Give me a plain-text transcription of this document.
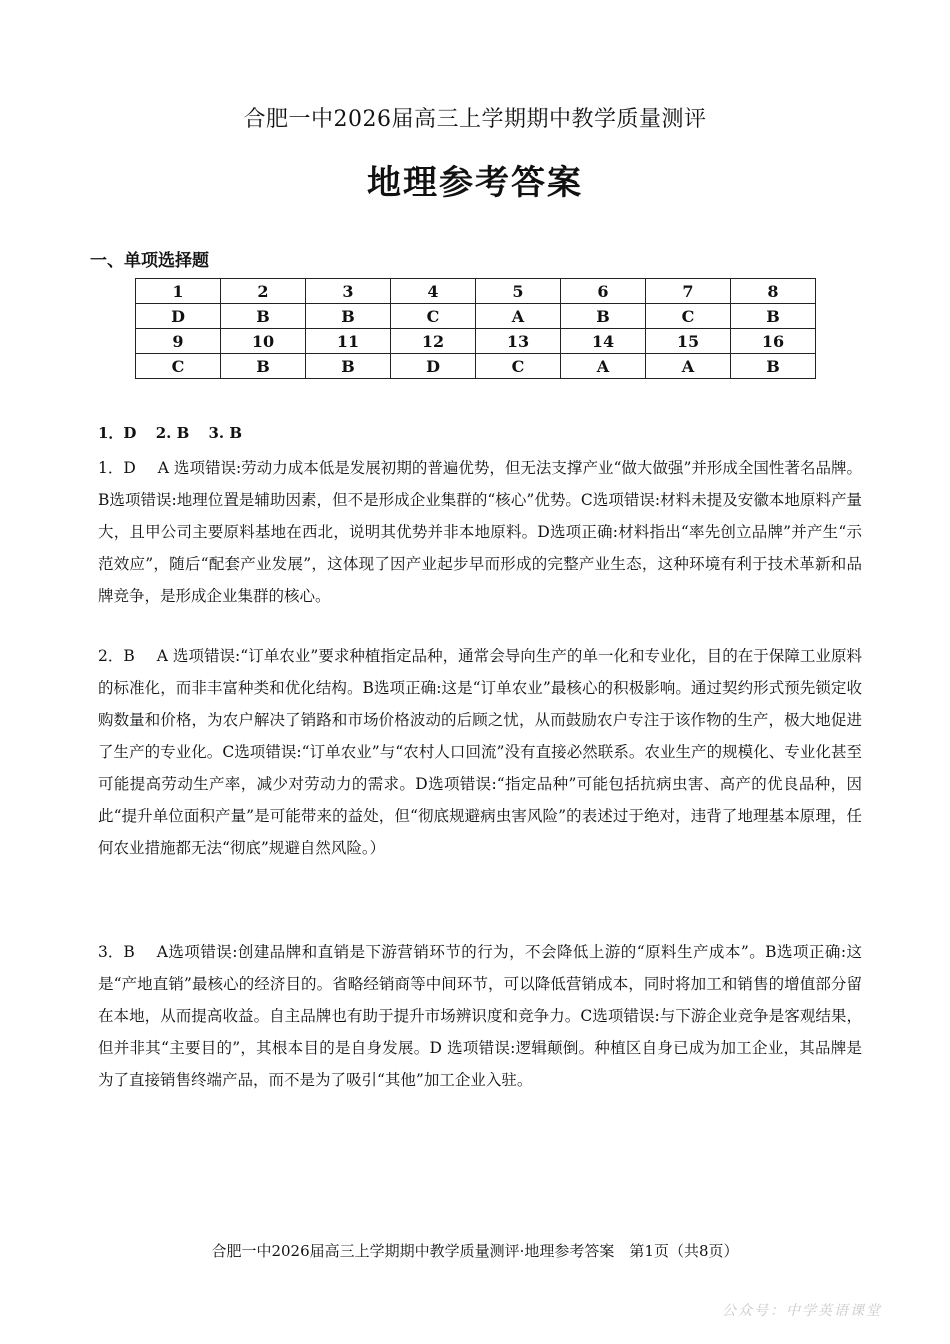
合肥一中2026届高三上学期期中教学质量测评
地理参考答案
一、单项选择题
1	2	3	4	5	6	7	8
D	B	B	C	A	B	C	B
9	10	11	12	13	14	15	16
C	B	B	D	C	A	A	B
1．D 2. B 3. B
1．D A 选项错误:劳动力成本低是发展初期的普遍优势，但无法支撑产业“做大做强”并形成全国性著名品牌。B选项错误:地理位置是辅助因素，但不是形成企业集群的“核心”优势。C选项错误:材料未提及安徽本地原料产量大，且甲公司主要原料基地在西北，说明其优势并非本地原料。D选项正确:材料指出“率先创立品牌”并产生“示范效应”，随后“配套产业发展”，这体现了因产业起步早而形成的完整产业生态，这种环境有利于技术革新和品牌竞争，是形成企业集群的核心。
2．B A 选项错误:“订单农业”要求种植指定品种，通常会导向生产的单一化和专业化，目的在于保障工业原料的标准化，而非丰富种类和优化结构。B选项正确:这是“订单农业”最核心的积极影响。通过契约形式预先锁定收购数量和价格，为农户解决了销路和市场价格波动的后顾之忧，从而鼓励农户专注于该作物的生产，极大地促进了生产的专业化。C选项错误:“订单农业”与“农村人口回流”没有直接必然联系。农业生产的规模化、专业化甚至可能提高劳动生产率，减少对劳动力的需求。D选项错误:“指定品种”可能包括抗病虫害、高产的优良品种，因此“提升单位面积产量”是可能带来的益处，但“彻底规避病虫害风险”的表述过于绝对，违背了地理基本原理，任何农业措施都无法“彻底”规避自然风险。）
3．B A选项错误:创建品牌和直销是下游营销环节的行为，不会降低上游的“原料生产成本”。B选项正确:这是“产地直销”最核心的经济目的。省略经销商等中间环节，可以降低营销成本，同时将加工和销售的增值部分留在本地，从而提高收益。自主品牌也有助于提升市场辨识度和竞争力。C选项错误:与下游企业竞争是客观结果，但并非其“主要目的”，其根本目的是自身发展。D 选项错误:逻辑颠倒。种植区自身已成为加工企业，其品牌是为了直接销售终端产品，而不是为了吸引“其他”加工企业入驻。
合肥一中2026届高三上学期期中教学质量测评·地理参考答案　第1页（共8页）
公众号：中学英语课堂
